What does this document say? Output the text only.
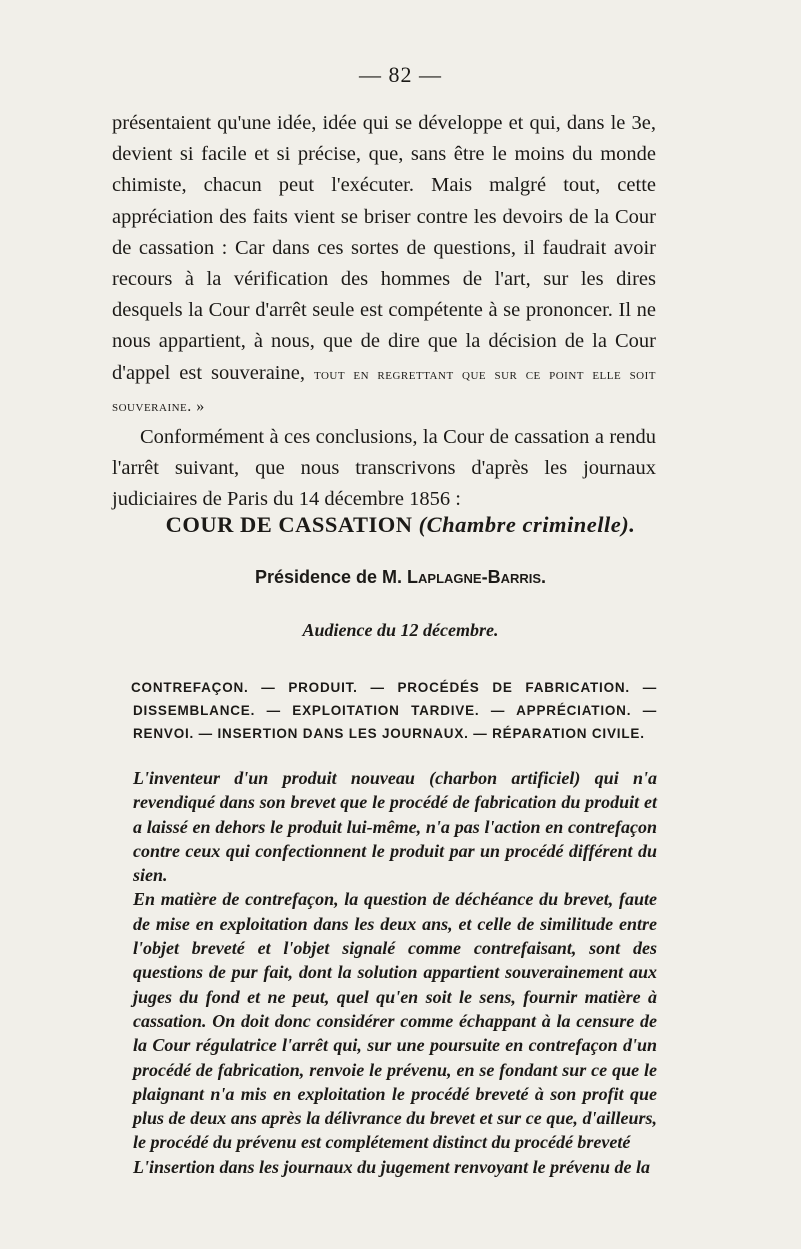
— 82 —

présentaient qu'une idée, idée qui se développe et qui, dans le 3e, devient si facile et si précise, que, sans être le moins du monde chimiste, chacun peut l'exécuter. Mais malgré tout, cette appréciation des faits vient se briser contre les devoirs de la Cour de cassation : Car dans ces sortes de questions, il faudrait avoir recours à la vérification des hommes de l'art, sur les dires desquels la Cour d'arrêt seule est compétente à se prononcer. Il ne nous appartient, à nous, que de dire que la décision de la Cour d'appel est souveraine, tout en regrettant que sur ce point elle soit souveraine. »

Conformément à ces conclusions, la Cour de cassation a rendu l'arrêt suivant, que nous transcrivons d'après les journaux judiciaires de Paris du 14 décembre 1856 :

COUR DE CASSATION (Chambre criminelle).
Présidence de M. Laplagne-Barris.
Audience du 12 décembre.
CONTREFAÇON. — PRODUIT. — PROCÉDÉS DE FABRICATION. — DISSEMBLANCE. — EXPLOITATION TARDIVE. — APPRÉCIATION. — RENVOI. — INSERTION DANS LES JOURNAUX. — RÉPARATION CIVILE.

L'inventeur d'un produit nouveau (charbon artificiel) qui n'a revendiqué dans son brevet que le procédé de fabrication du produit et a laissé en dehors le produit lui-même, n'a pas l'action en contrefaçon contre ceux qui confectionnent le produit par un procédé différent du sien.

En matière de contrefaçon, la question de déchéance du brevet, faute de mise en exploitation dans les deux ans, et celle de similitude entre l'objet breveté et l'objet signalé comme contrefaisant, sont des questions de pur fait, dont la solution appartient souverainement aux juges du fond et ne peut, quel qu'en soit le sens, fournir matière à cassation. On doit donc considérer comme échappant à la censure de la Cour régulatrice l'arrêt qui, sur une poursuite en contrefaçon d'un procédé de fabrication, renvoie le prévenu, en se fondant sur ce que le plaignant n'a mis en exploitation le procédé breveté à son profit que plus de deux ans après la délivrance du brevet et sur ce que, d'ailleurs, le procédé du prévenu est complétement distinct du procédé breveté

L'insertion dans les journaux du jugement renvoyant le prévenu de la
